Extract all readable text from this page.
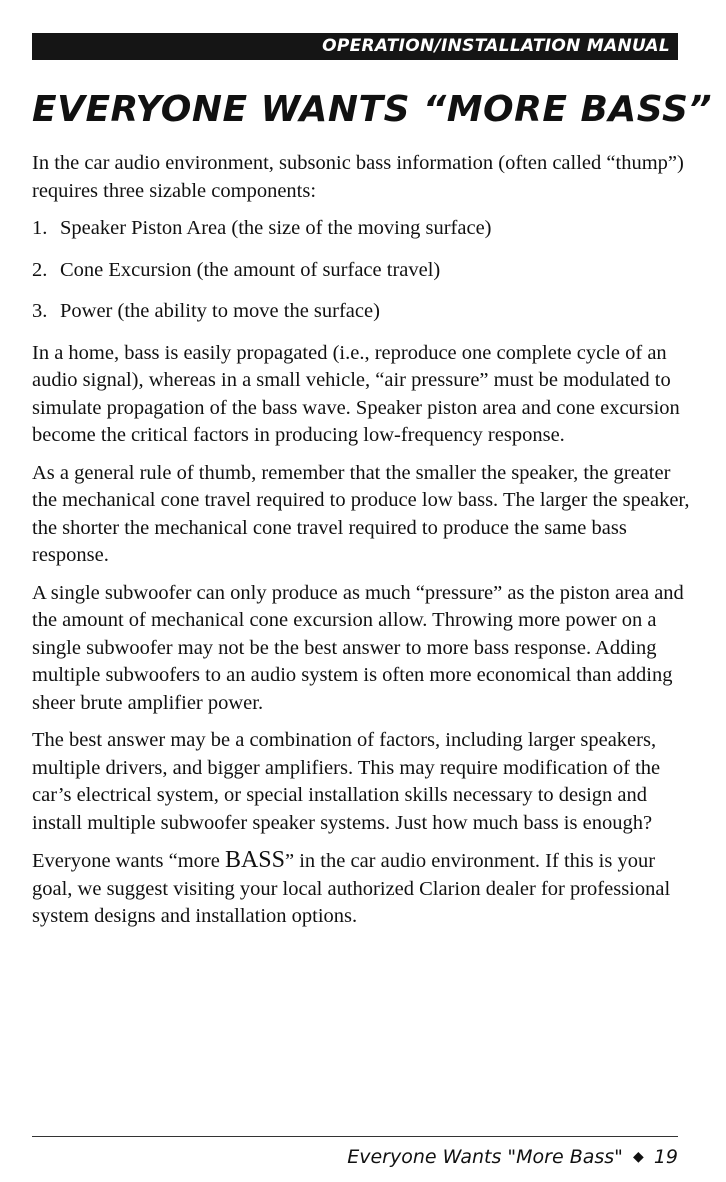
OPERATION/INSTALLATION MANUAL
EVERYONE WANTS “MORE BASS”

In the car audio environment, subsonic bass information (often called “thump”) requires three sizable components:

1. Speaker Piston Area (the size of the moving surface)
2. Cone Excursion (the amount of surface travel)
3. Power (the ability to move the surface)

In a home, bass is easily propagated (i.e., reproduce one complete cycle of an audio signal), whereas in a small vehicle, “air pressure” must be modulated to simulate propagation of the bass wave. Speaker piston area and cone excursion become the critical factors in producing low-frequency response.

As a general rule of thumb, remember that the smaller the speaker, the greater the mechanical cone travel required to produce low bass. The larger the speaker, the shorter the mechanical cone travel required to produce the same bass response.

A single subwoofer can only produce as much “pressure” as the piston area and the amount of mechanical cone excursion allow. Throwing more power on a single subwoofer may not be the best answer to more bass response. Adding multiple subwoofers to an audio system is often more economical than adding sheer brute amplifier power.

The best answer may be a combination of factors, including larger speakers, multiple drivers, and bigger amplifiers. This may require modification of the car’s electrical system, or special installation skills necessary to design and install multiple subwoofer speaker systems. Just how much bass is enough?

Everyone wants “more BASS” in the car audio environment. If this is your goal, we suggest visiting your local authorized Clarion dealer for professional system designs and installation options.

Everyone Wants "More Bass" ◆ 19
